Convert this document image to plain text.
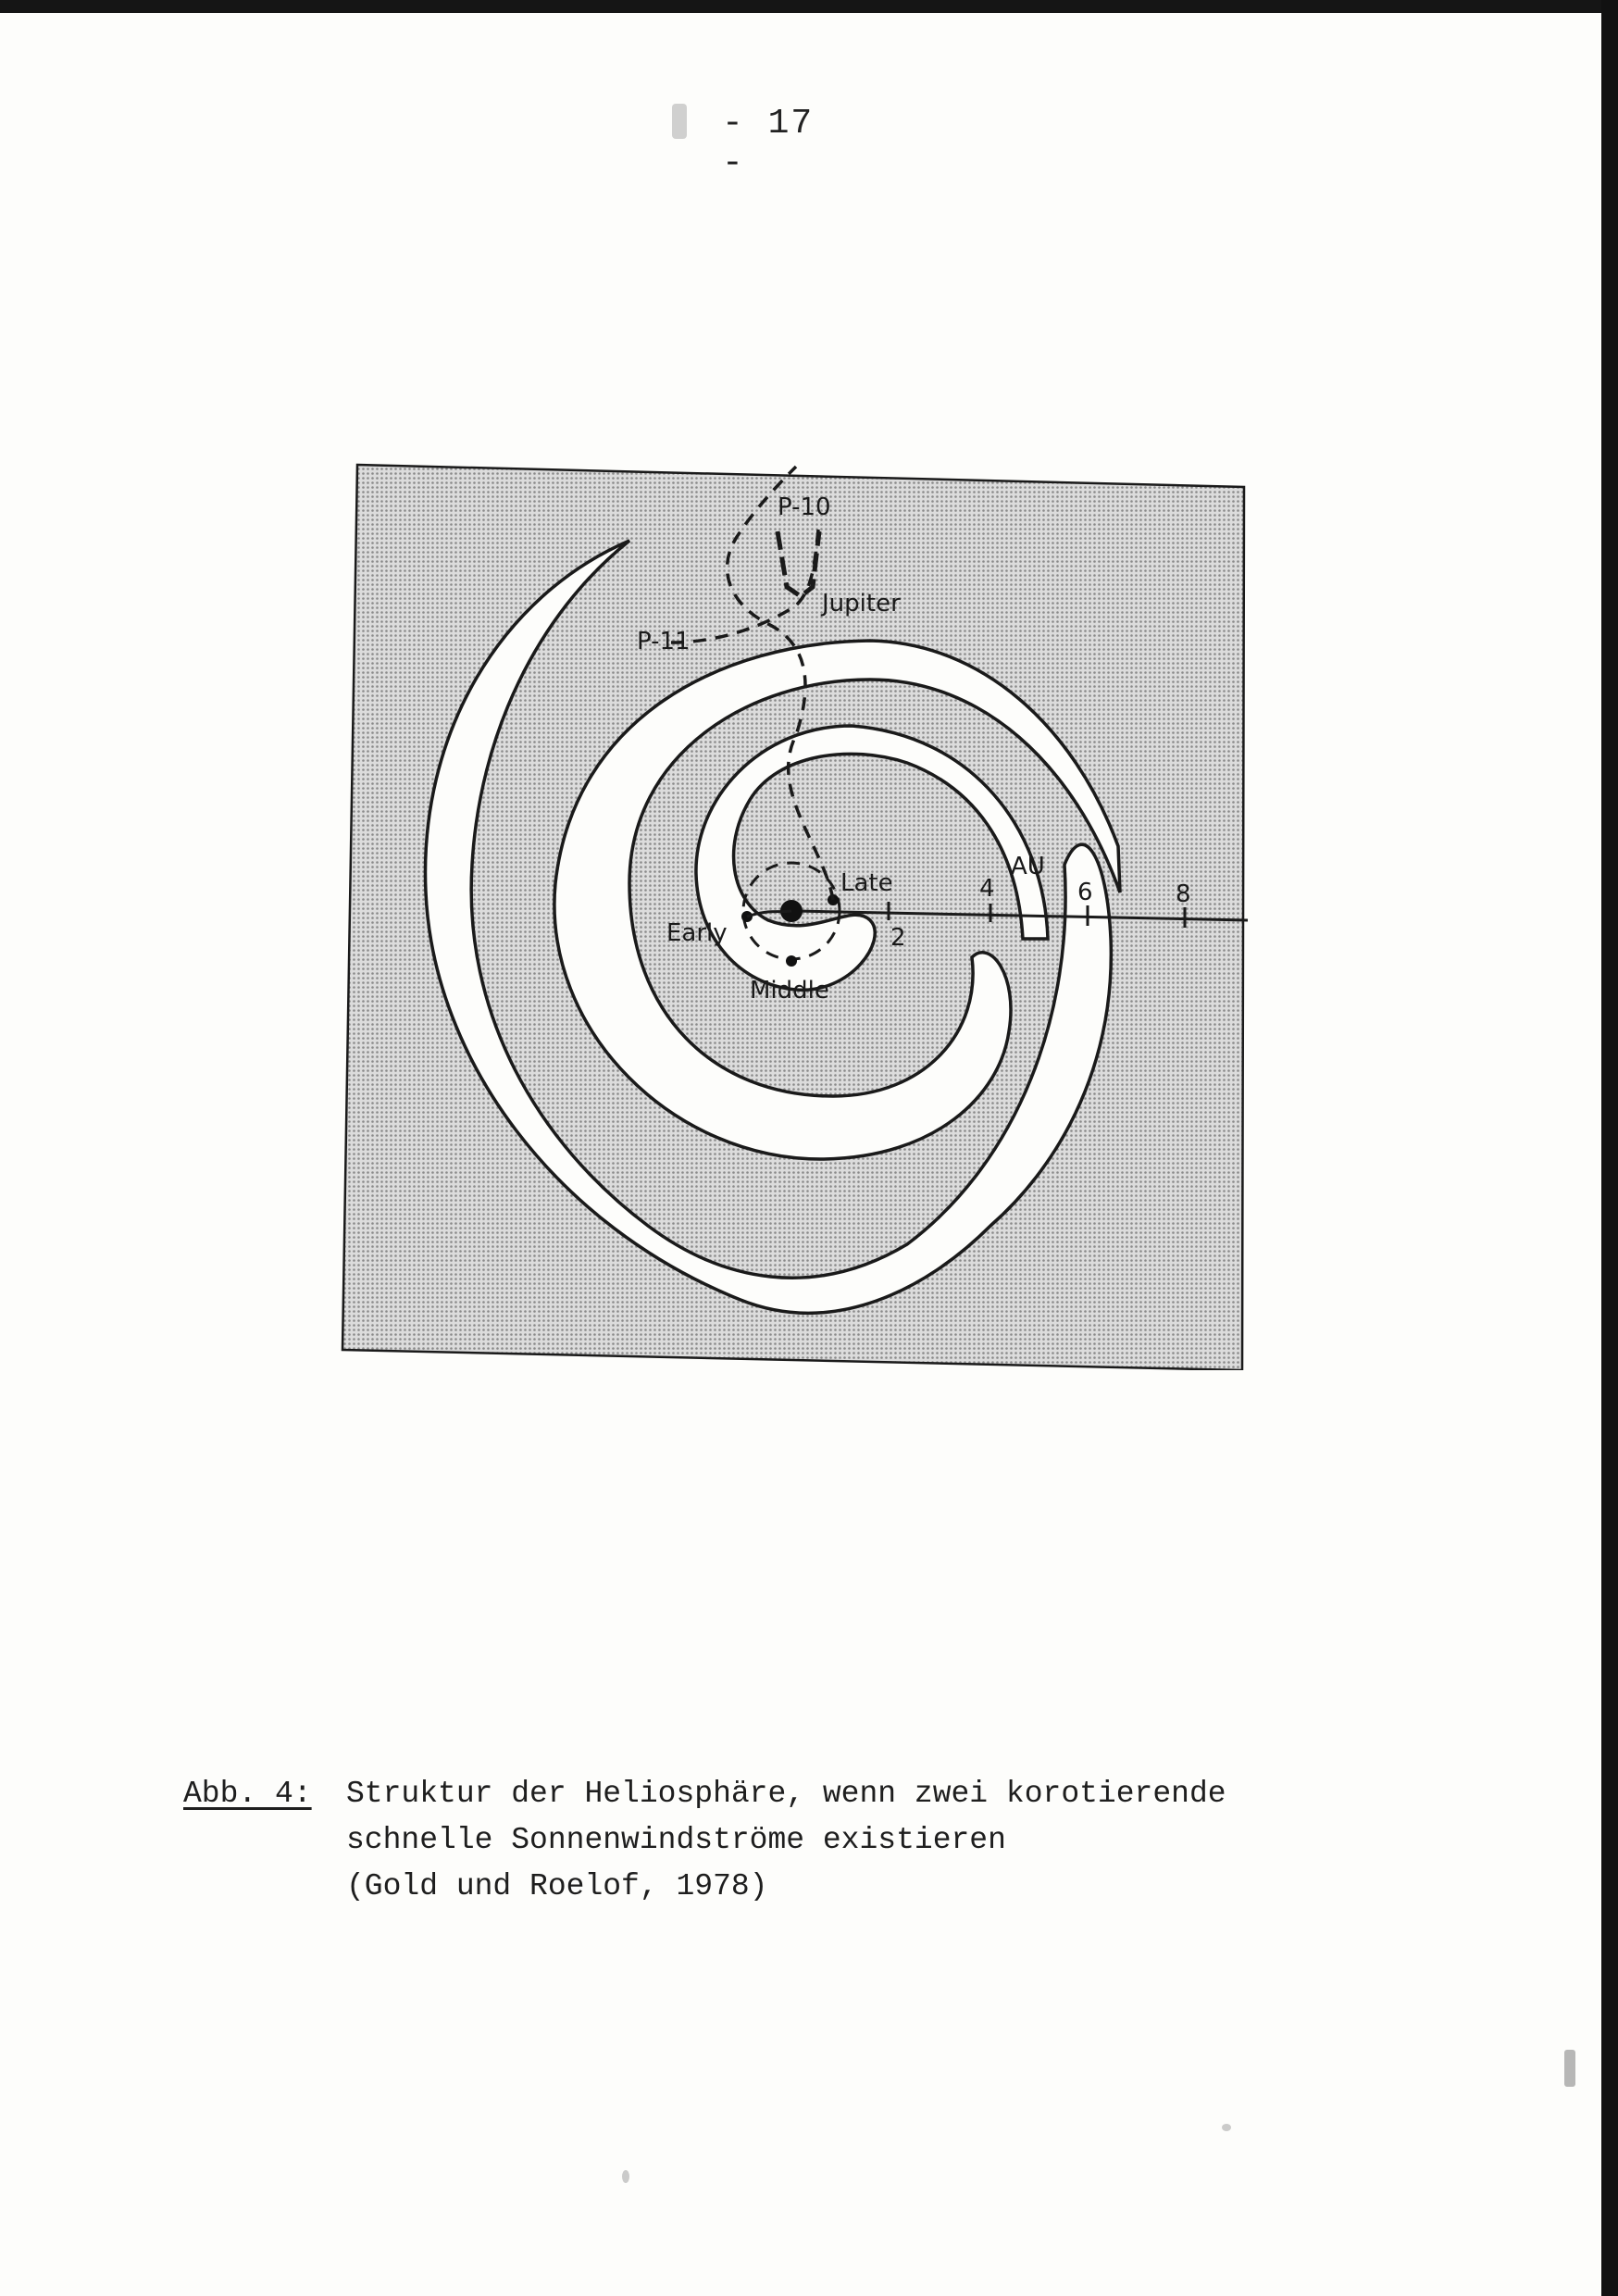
- 17 -
2
4	6	8
AU
Late
Early
Middle
P-10
P-11
Jupiter
Abb. 4: Struktur der Heliosphäre, wenn zwei korotierende
schnelle Sonnenwindströme existieren
(Gold und Roelof, 1978)
